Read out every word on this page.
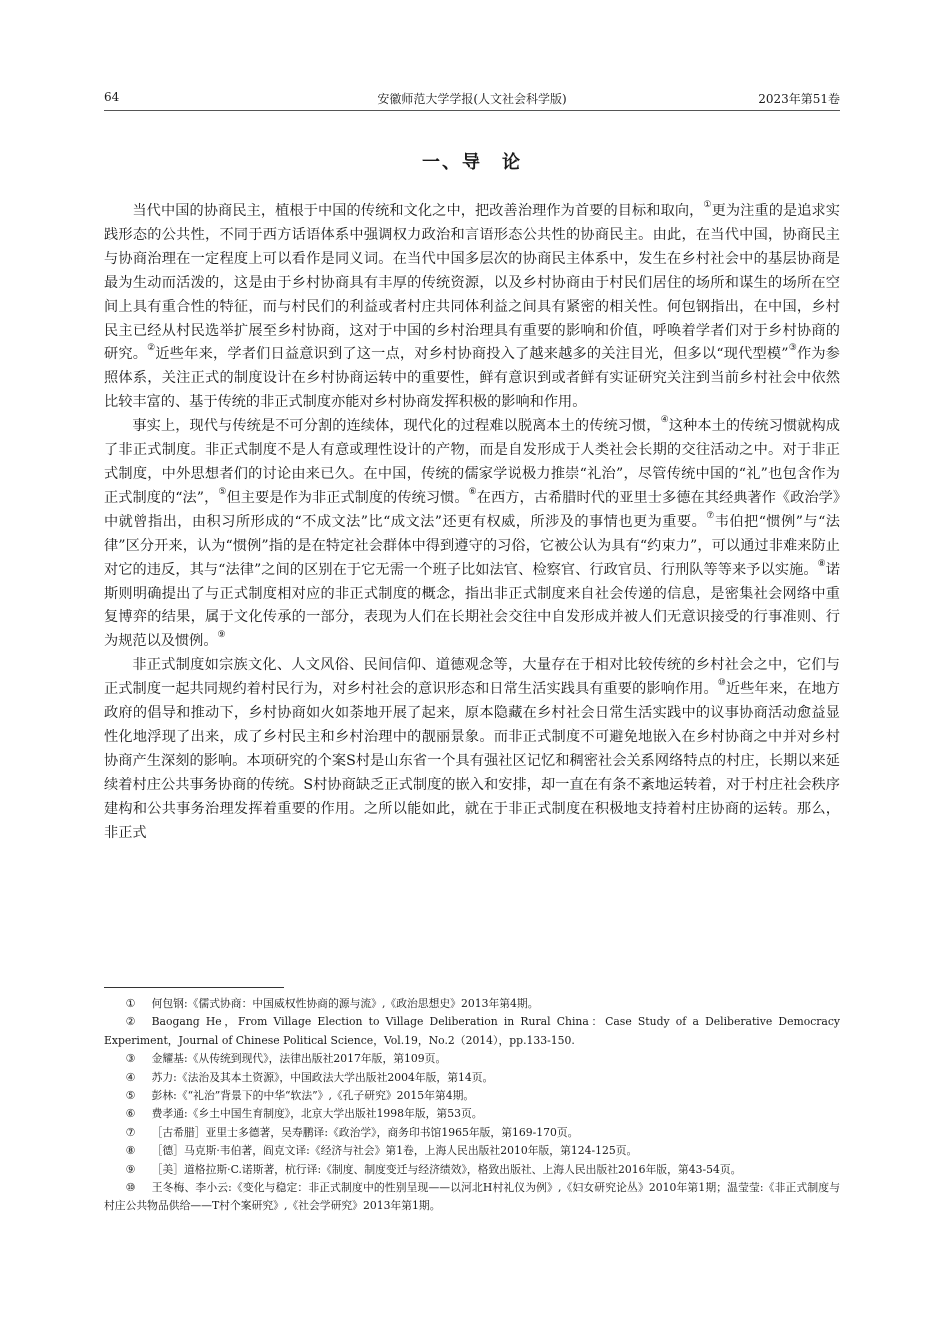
64	安徽师范大学学报(人文社会科学版)	2023年第51卷
一、导　论

当代中国的协商民主，植根于中国的传统和文化之中，把改善治理作为首要的目标和取向，①更为注重的是追求实践形态的公共性，不同于西方话语体系中强调权力政治和言语形态公共性的协商民主。由此，在当代中国，协商民主与协商治理在一定程度上可以看作是同义词。在当代中国多层次的协商民主体系中，发生在乡村社会中的基层协商是最为生动而活泼的，这是由于乡村协商具有丰厚的传统资源，以及乡村协商由于村民们居住的场所和谋生的场所在空间上具有重合性的特征，而与村民们的利益或者村庄共同体利益之间具有紧密的相关性。何包钢指出，在中国，乡村民主已经从村民选举扩展至乡村协商，这对于中国的乡村治理具有重要的影响和价值，呼唤着学者们对于乡村协商的研究。②近些年来，学者们日益意识到了这一点，对乡村协商投入了越来越多的关注目光，但多以“现代型模”③作为参照体系，关注正式的制度设计在乡村协商运转中的重要性，鲜有意识到或者鲜有实证研究关注到当前乡村社会中依然比较丰富的、基于传统的非正式制度亦能对乡村协商发挥积极的影响和作用。

事实上，现代与传统是不可分割的连续体，现代化的过程难以脱离本土的传统习惯，④这种本土的传统习惯就构成了非正式制度。非正式制度不是人有意或理性设计的产物，而是自发形成于人类社会长期的交往活动之中。对于非正式制度，中外思想者们的讨论由来已久。在中国，传统的儒家学说极力推崇“礼治”，尽管传统中国的“礼”也包含作为正式制度的“法”，⑤但主要是作为非正式制度的传统习惯。⑥在西方，古希腊时代的亚里士多德在其经典著作《政治学》中就曾指出，由积习所形成的“不成文法”比“成文法”还更有权威，所涉及的事情也更为重要。⑦韦伯把“惯例”与“法律”区分开来，认为“惯例”指的是在特定社会群体中得到遵守的习俗，它被公认为具有“约束力”，可以通过非难来防止对它的违反，其与“法律”之间的区别在于它无需一个班子比如法官、检察官、行政官员、行刑队等等来予以实施。⑧诺斯则明确提出了与正式制度相对应的非正式制度的概念，指出非正式制度来自社会传递的信息，是密集社会网络中重复博弈的结果，属于文化传承的一部分，表现为人们在长期社会交往中自发形成并被人们无意识接受的行事准则、行为规范以及惯例。⑨

非正式制度如宗族文化、人文风俗、民间信仰、道德观念等，大量存在于相对比较传统的乡村社会之中，它们与正式制度一起共同规约着村民行为，对乡村社会的意识形态和日常生活实践具有重要的影响作用。⑩近些年来，在地方政府的倡导和推动下，乡村协商如火如荼地开展了起来，原本隐藏在乡村社会日常生活实践中的议事协商活动愈益显性化地浮现了出来，成了乡村民主和乡村治理中的靓丽景象。而非正式制度不可避免地嵌入在乡村协商之中并对乡村协商产生深刻的影响。本项研究的个案S村是山东省一个具有强社区记忆和稠密社会关系网络特点的村庄，长期以来延续着村庄公共事务协商的传统。S村协商缺乏正式制度的嵌入和安排，却一直在有条不紊地运转着，对于村庄社会秩序建构和公共事务治理发挥着重要的作用。之所以能如此，就在于非正式制度在积极地支持着村庄协商的运转。那么，非正式

① 何包钢:《儒式协商：中国威权性协商的源与流》,《政治思想史》2013年第4期。
② Baogang He，From Village Election to Village Deliberation in Rural China：Case Study of a Deliberative Democracy Experiment，Journal of Chinese Political Science，Vol.19，No.2（2014），pp.133-150.
③ 金耀基:《从传统到现代》，法律出版社2017年版，第109页。
④ 苏力:《法治及其本土资源》，中国政法大学出版社2004年版，第14页。
⑤ 彭林:《“礼治”背景下的中华“软法”》,《孔子研究》2015年第4期。
⑥ 费孝通:《乡土中国生育制度》，北京大学出版社1998年版，第53页。
⑦ ［古希腊］亚里士多德著，吴寿鹏译:《政治学》，商务印书馆1965年版，第169-170页。
⑧ ［德］马克斯·韦伯著，阎克文译:《经济与社会》第1卷，上海人民出版社2010年版，第124-125页。
⑨ ［美］道格拉斯·C.诺斯著，杭行译:《制度、制度变迁与经济绩效》，格致出版社、上海人民出版社2016年版，第43-54页。
⑩ 王冬梅、李小云:《变化与稳定：非正式制度中的性别呈现——以河北H村礼仪为例》,《妇女研究论丛》2010年第1期；温莹莹:《非正式制度与村庄公共物品供给——T村个案研究》,《社会学研究》2013年第1期。
